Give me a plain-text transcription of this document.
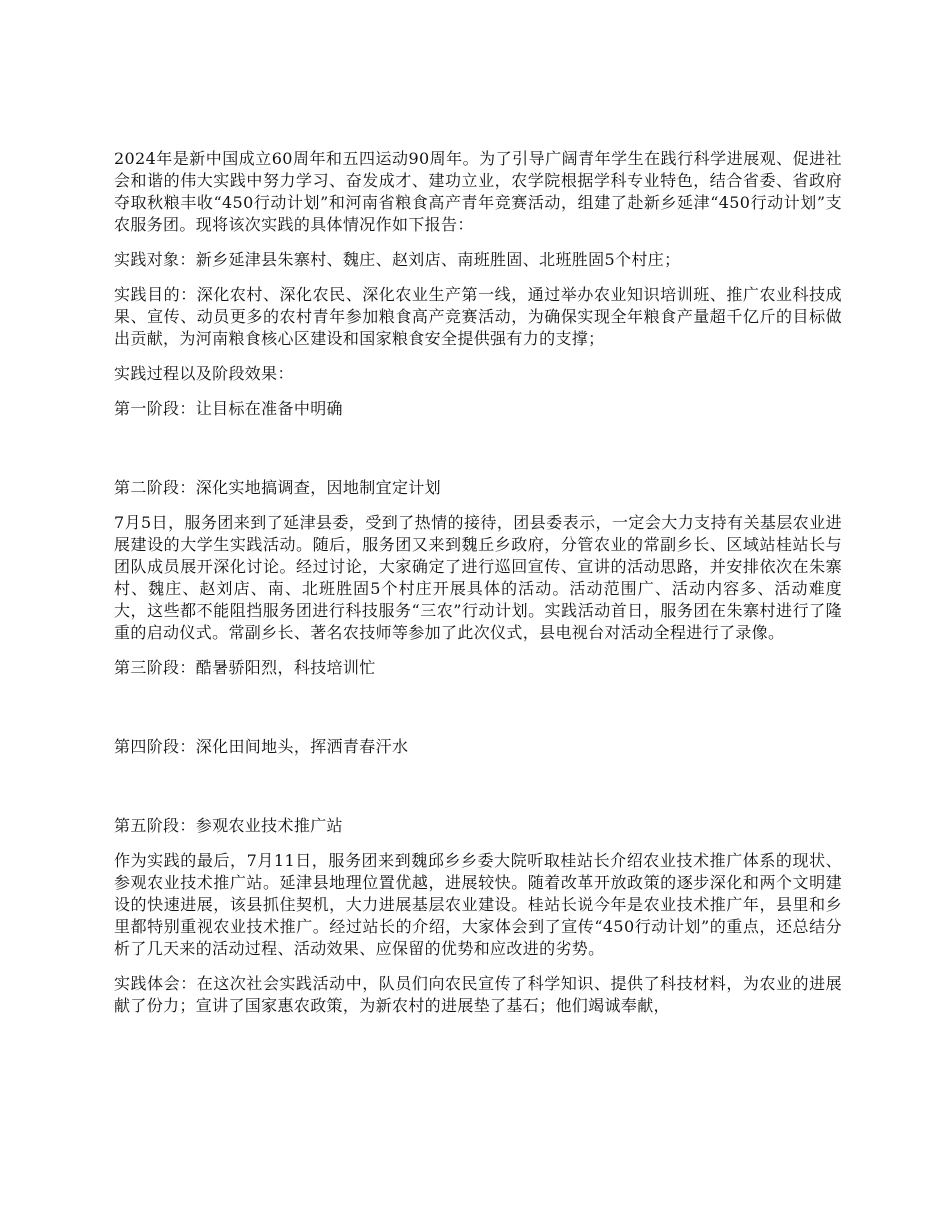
2024年是新中国成立60周年和五四运动90周年。为了引导广阔青年学生在践行科学进展观、促进社会和谐的伟大实践中努力学习、奋发成才、建功立业，农学院根据学科专业特色，结合省委、省政府夺取秋粮丰收“450行动计划”和河南省粮食高产青年竞赛活动，组建了赴新乡延津“450行动计划”支农服务团。现将该次实践的具体情况作如下报告：

实践对象：新乡延津县朱寨村、魏庄、赵刘店、南班胜固、北班胜固5个村庄；

实践目的：深化农村、深化农民、深化农业生产第一线，通过举办农业知识培训班、推广农业科技成果、宣传、动员更多的农村青年参加粮食高产竞赛活动，为确保实现全年粮食产量超千亿斤的目标做出贡献，为河南粮食核心区建设和国家粮食安全提供强有力的支撑；

实践过程以及阶段效果：

第一阶段：让目标在准备中明确

第二阶段：深化实地搞调查，因地制宜定计划

7月5日，服务团来到了延津县委，受到了热情的接待，团县委表示，一定会大力支持有关基层农业进展建设的大学生实践活动。随后，服务团又来到魏丘乡政府，分管农业的常副乡长、区域站桂站长与团队成员展开深化讨论。经过讨论，大家确定了进行巡回宣传、宣讲的活动思路，并安排依次在朱寨村、魏庄、赵刘店、南、北班胜固5个村庄开展具体的活动。活动范围广、活动内容多、活动难度大，这些都不能阻挡服务团进行科技服务“三农”行动计划。实践活动首日，服务团在朱寨村进行了隆重的启动仪式。常副乡长、著名农技师等参加了此次仪式，县电视台对活动全程进行了录像。

第三阶段：酷暑骄阳烈，科技培训忙

第四阶段：深化田间地头，挥洒青春汗水

第五阶段：参观农业技术推广站

作为实践的最后，7月11日，服务团来到魏邱乡乡委大院听取桂站长介绍农业技术推广体系的现状、参观农业技术推广站。延津县地理位置优越，进展较快。随着改革开放政策的逐步深化和两个文明建设的快速进展，该县抓住契机，大力进展基层农业建设。桂站长说今年是农业技术推广年，县里和乡里都特别重视农业技术推广。经过站长的介绍，大家体会到了宣传“450行动计划”的重点，还总结分析了几天来的活动过程、活动效果、应保留的优势和应改进的劣势。

实践体会：在这次社会实践活动中，队员们向农民宣传了科学知识、提供了科技材料，为农业的进展献了份力；宣讲了国家惠农政策，为新农村的进展垫了基石；他们竭诚奉献，
